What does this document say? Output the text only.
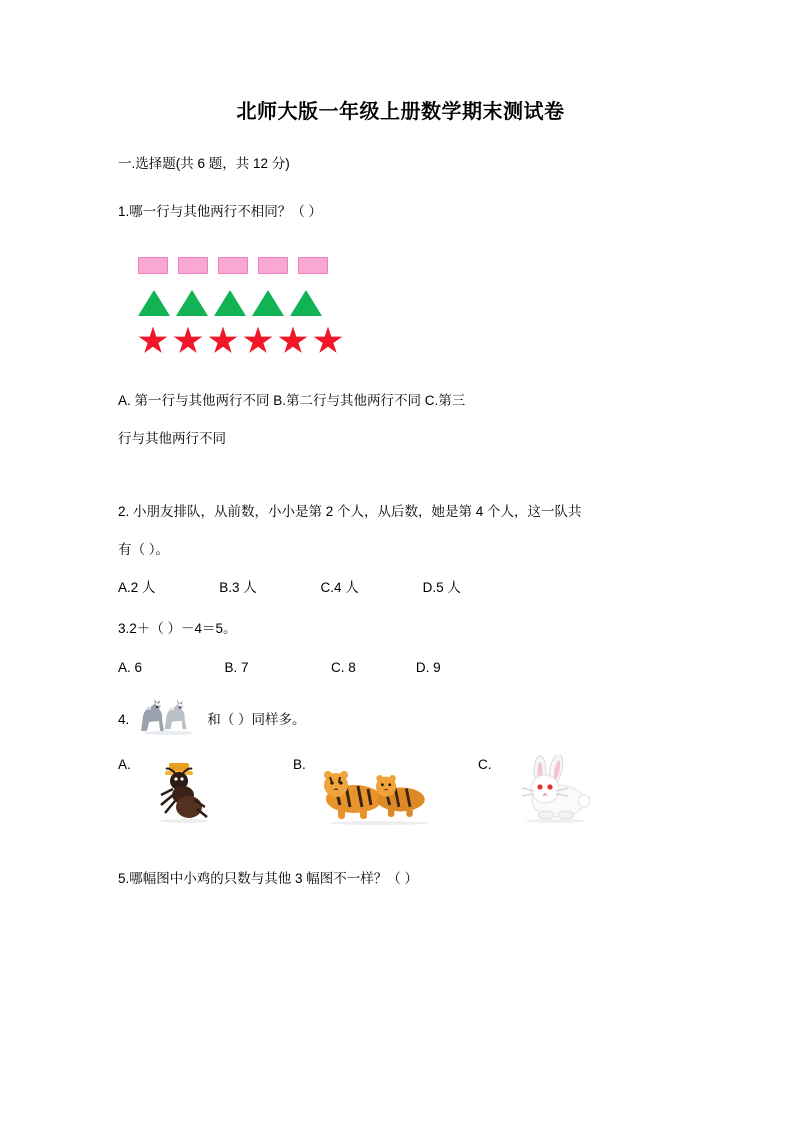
北师大版一年级上册数学期末测试卷
一.选择题(共 6 题，共 12 分)
1.哪一行与其他两行不相同？（ ）
A. 第一行与其他两行不同 B.第二行与其他两行不同 C.第三
行与其他两行不同
2. 小朋友排队，从前数，小小是第 2 个人，从后数，她是第 4 个人，这一队共
有（ ）。
A.2 人                 B.3 人                 C.4 人                 D.5 人
3.2＋（ ）－4＝5。
A. 6                      B. 7                      C. 8                D. 9
4.	和（ ）同样多。
A.	B.	C.
5.哪幅图中小鸡的只数与其他 3 幅图不一样？（ ）
